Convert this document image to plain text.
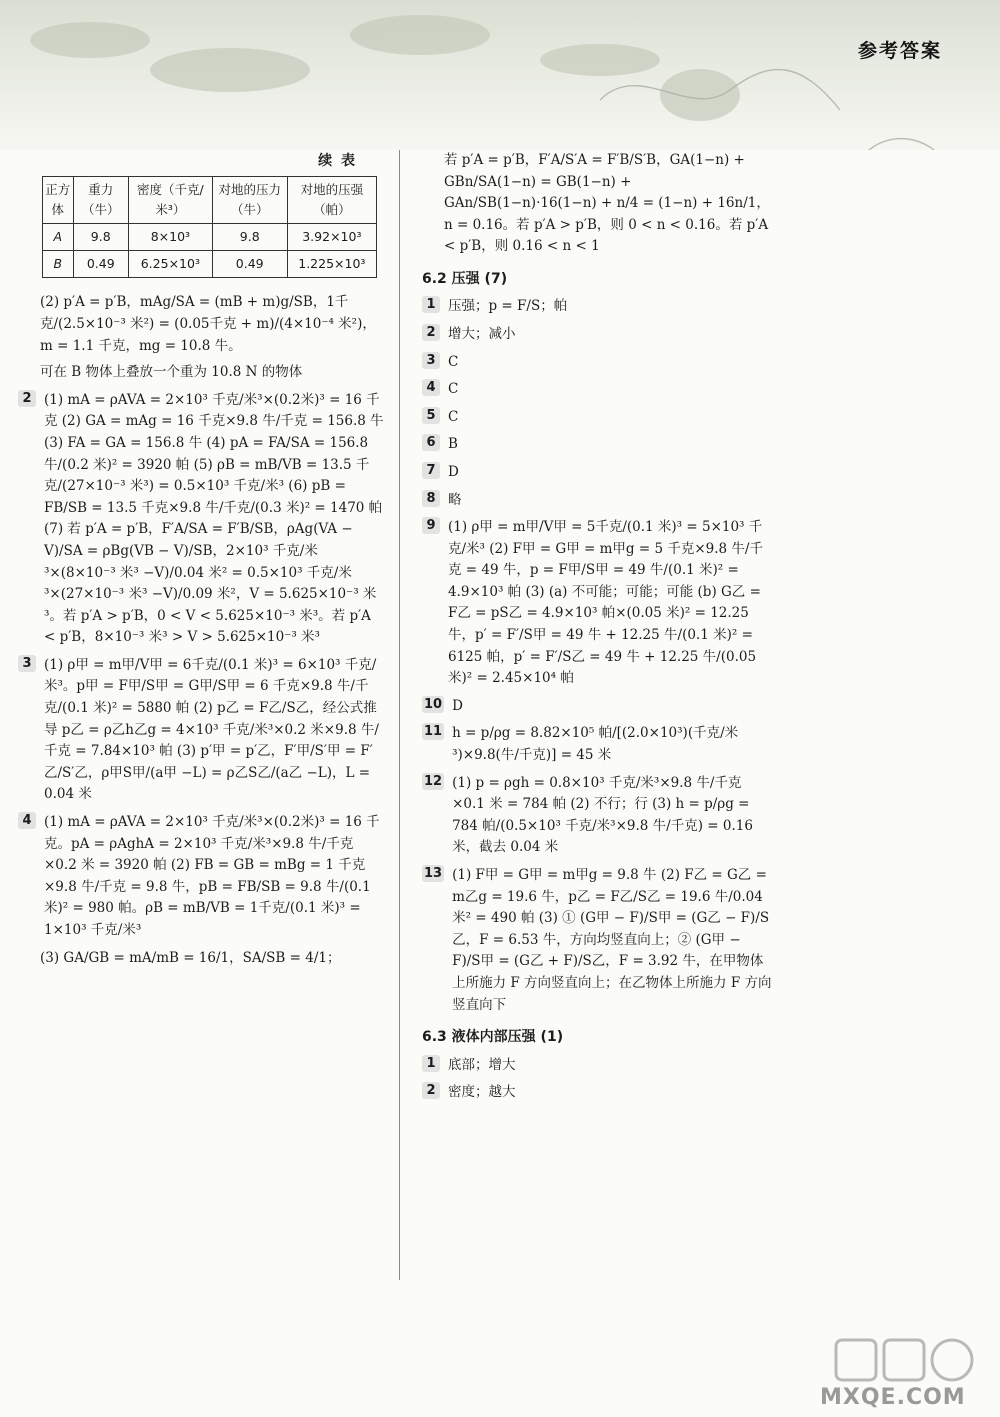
参考答案
续 表
正方体	重力（牛）	密度（千克/米³）	对地的压力（牛）	对地的压强（帕）
A	9.8	8×10³	9.8	3.92×10³
B	0.49	6.25×10³	0.49	1.225×10³
(2) p′A = p′B，mAg/SA = (mB + m)g/SB，1千克/(2.5×10⁻³ 米²) = (0.05千克 + m)/(4×10⁻⁴ 米²)，m = 1.1 千克，mg = 10.8 牛。
可在 B 物体上叠放一个重为 10.8 N 的物体
2 (1) mA = ρAVA = 2×10³ 千克/米³×(0.2米)³ = 16 千克 (2) GA = mAg = 16 千克×9.8 牛/千克 = 156.8 牛 (3) FA = GA = 156.8 牛 (4) pA = FA/SA = 156.8 牛/(0.2 米)² = 3920 帕 (5) ρB = mB/VB = 13.5 千克/(27×10⁻³ 米³) = 0.5×10³ 千克/米³ (6) pB = FB/SB = 13.5 千克×9.8 牛/千克/(0.3 米)² = 1470 帕 (7) 若 p′A = p′B，F′A/SA = F′B/SB，ρAg(VA − V)/SA = ρBg(VB − V)/SB，2×10³ 千克/米³×(8×10⁻³ 米³ −V)/0.04 米² = 0.5×10³ 千克/米³×(27×10⁻³ 米³ −V)/0.09 米²，V = 5.625×10⁻³ 米³。若 p′A > p′B，0 < V < 5.625×10⁻³ 米³。若 p′A < p′B，8×10⁻³ 米³ > V > 5.625×10⁻³ 米³
3 (1) ρ甲 = m甲/V甲 = 6千克/(0.1 米)³ = 6×10³ 千克/米³。p甲 = F甲/S甲 = G甲/S甲 = 6 千克×9.8 牛/千克/(0.1 米)² = 5880 帕 (2) p乙 = F乙/S乙，经公式推导 p乙 = ρ乙h乙g = 4×10³ 千克/米³×0.2 米×9.8 牛/千克 = 7.84×10³ 帕 (3) p′甲 = p′乙，F′甲/S′甲 = F′乙/S′乙，ρ甲S甲/(a甲 −L) = ρ乙S乙/(a乙 −L)，L = 0.04 米
4 (1) mA = ρAVA = 2×10³ 千克/米³×(0.2米)³ = 16 千克。pA = ρAghA = 2×10³ 千克/米³×9.8 牛/千克×0.2 米 = 3920 帕 (2) FB = GB = mBg = 1 千克×9.8 牛/千克 = 9.8 牛，pB = FB/SB = 9.8 牛/(0.1 米)² = 980 帕。ρB = mB/VB = 1千克/(0.1 米)³ = 1×10³ 千克/米³
(3) GA/GB = mA/mB = 16/1，SA/SB = 4/1；
若 p′A = p′B，F′A/S′A = F′B/S′B，GA(1−n) + GBn/SA(1−n) = GB(1−n) + GAn/SB(1−n)·16(1−n) + n/4 = (1−n) + 16n/1，n = 0.16。若 p′A > p′B，则 0 < n < 0.16。若 p′A < p′B，则 0.16 < n < 1
6.2 压强 (7)
1 压强；p = F/S；帕
2 增大；减小
3 C
4 C
5 C
6 B
7 D
8 略
9 (1) ρ甲 = m甲/V甲 = 5千克/(0.1 米)³ = 5×10³ 千克/米³ (2) F甲 = G甲 = m甲g = 5 千克×9.8 牛/千克 = 49 牛，p = F甲/S甲 = 49 牛/(0.1 米)² = 4.9×10³ 帕 (3) (a) 不可能；可能；可能 (b) G乙 = F乙 = pS乙 = 4.9×10³ 帕×(0.05 米)² = 12.25 牛，p′ = F′/S甲 = 49 牛 + 12.25 牛/(0.1 米)² = 6125 帕，p′ = F′/S乙 = 49 牛 + 12.25 牛/(0.05 米)² = 2.45×10⁴ 帕
10 D
11 h = p/ρg = 8.82×10⁵ 帕/[(2.0×10³)(千克/米³)×9.8(牛/千克)] = 45 米
12 (1) p = ρgh = 0.8×10³ 千克/米³×9.8 牛/千克×0.1 米 = 784 帕 (2) 不行；行 (3) h = p/ρg = 784 帕/(0.5×10³ 千克/米³×9.8 牛/千克) = 0.16 米，截去 0.04 米
13 (1) F甲 = G甲 = m甲g = 9.8 牛 (2) F乙 = G乙 = m乙g = 19.6 牛，p乙 = F乙/S乙 = 19.6 牛/0.04 米² = 490 帕 (3) ① (G甲 − F)/S甲 = (G乙 − F)/S乙，F = 6.53 牛，方向均竖直向上；② (G甲 − F)/S甲 = (G乙 + F)/S乙，F = 3.92 牛，在甲物体上所施力 F 方向竖直向上；在乙物体上所施力 F 方向竖直向下
6.3 液体内部压强 (1)
1 底部；增大
2 密度；越大
MXQE.COM
